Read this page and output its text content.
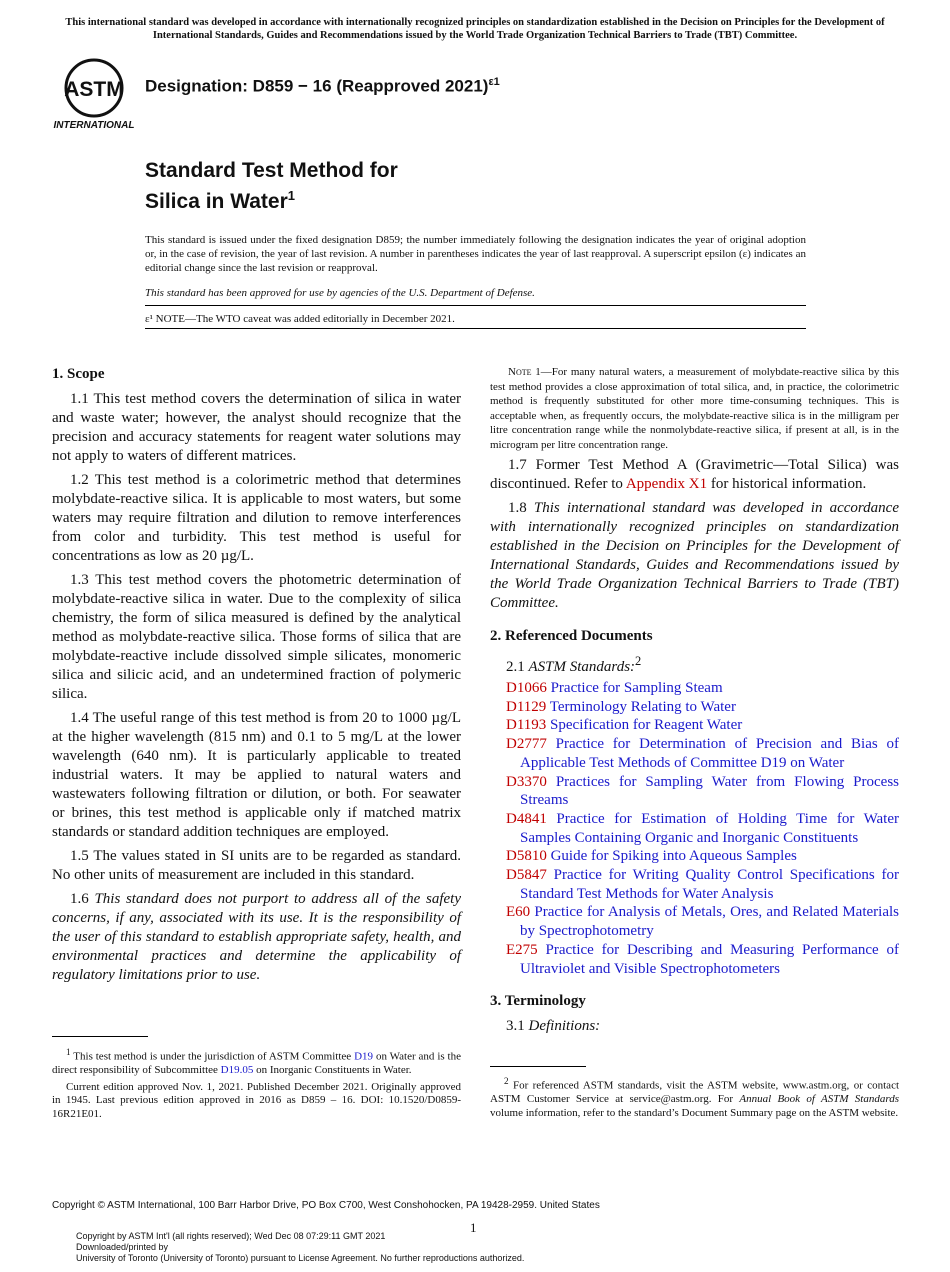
This international standard was developed in accordance with internationally recognized principles on standardization established in the Decision on Principles for the Development of International Standards, Guides and Recommendations issued by the World Trade Organization Technical Barriers to Trade (TBT) Committee.
ASTM
INTERNATIONAL
Designation: D859 − 16 (Reapproved 2021)$^{\varepsilon 1}$
Standard Test Method for
Silica in Water$^1$
This standard is issued under the fixed designation D859; the number immediately following the designation indicates the year of original adoption or, in the case of revision, the year of last revision. A number in parentheses indicates the year of last reapproval. A superscript epsilon (ε) indicates an editorial change since the last revision or reapproval.
This standard has been approved for use by agencies of the U.S. Department of Defense.
ε¹ NOTE—The WTO caveat was added editorially in December 2021.
1. Scope

1.1 This test method covers the determination of silica in water and waste water; however, the analyst should recognize that the precision and accuracy statements for reagent water solutions may not apply to waters of different matrices.

1.2 This test method is a colorimetric method that determines molybdate-reactive silica. It is applicable to most waters, but some waters may require filtration and dilution to remove interferences from color and turbidity. This test method is useful for concentrations as low as 20 µg/L.

1.3 This test method covers the photometric determination of molybdate-reactive silica in water. Due to the complexity of silica chemistry, the form of silica measured is defined by the analytical method as molybdate-reactive silica. Those forms of silica that are molybdate-reactive include dissolved simple silicates, monomeric silica and silicic acid, and an undetermined fraction of polymeric silica.

1.4 The useful range of this test method is from 20 to 1000 µg/L at the higher wavelength (815 nm) and 0.1 to 5 mg/L at the lower wavelength (640 nm). It is particularly applicable to treated industrial waters. It may be applied to natural waters and wastewaters following filtration or dilution, or both. For seawater or brines, this test method is applicable only if matched matrix standards or standard addition techniques are employed.

1.5 The values stated in SI units are to be regarded as standard. No other units of measurement are included in this standard.

1.6 This standard does not purport to address all of the safety concerns, if any, associated with its use. It is the responsibility of the user of this standard to establish appropriate safety, health, and environmental practices and determine the applicability of regulatory limitations prior to use.

$^1$ This test method is under the jurisdiction of ASTM Committee D19 on Water and is the direct responsibility of Subcommittee D19.05 on Inorganic Constituents in Water.

Current edition approved Nov. 1, 2021. Published December 2021. Originally approved in 1945. Last previous edition approved in 2016 as D859 – 16. DOI: 10.1520/D0859-16R21E01.

Note 1—For many natural waters, a measurement of molybdate-reactive silica by this test method provides a close approximation of total silica, and, in practice, the colorimetric method is frequently substituted for other more time-consuming techniques. This is acceptable when, as frequently occurs, the molybdate-reactive silica is in the milligram per litre concentration range while the nonmolybdate-reactive silica, if present at all, is in the microgram per litre concentration range.

1.7 Former Test Method A (Gravimetric—Total Silica) was discontinued. Refer to Appendix X1 for historical information.

1.8 This international standard was developed in accordance with internationally recognized principles on standardization established in the Decision on Principles for the Development of International Standards, Guides and Recommendations issued by the World Trade Organization Technical Barriers to Trade (TBT) Committee.

2. Referenced Documents
2.1 ASTM Standards:$^2$
D1066 Practice for Sampling Steam
D1129 Terminology Relating to Water
D1193 Specification for Reagent Water
D2777 Practice for Determination of Precision and Bias of Applicable Test Methods of Committee D19 on Water
D3370 Practices for Sampling Water from Flowing Process Streams
D4841 Practice for Estimation of Holding Time for Water Samples Containing Organic and Inorganic Constituents
D5810 Guide for Spiking into Aqueous Samples
D5847 Practice for Writing Quality Control Specifications for Standard Test Methods for Water Analysis
E60 Practice for Analysis of Metals, Ores, and Related Materials by Spectrophotometry
E275 Practice for Describing and Measuring Performance of Ultraviolet and Visible Spectrophotometers
3. Terminology
3.1 Definitions:

$^2$ For referenced ASTM standards, visit the ASTM website, www.astm.org, or contact ASTM Customer Service at service@astm.org. For Annual Book of ASTM Standards volume information, refer to the standard’s Document Summary page on the ASTM website.

Copyright © ASTM International, 100 Barr Harbor Drive, PO Box C700, West Conshohocken, PA 19428-2959. United States
1
Copyright by ASTM Int'l (all rights reserved); Wed Dec 08 07:29:11 GMT 2021
Downloaded/printed by
University of Toronto (University of Toronto) pursuant to License Agreement. No further reproductions authorized.
